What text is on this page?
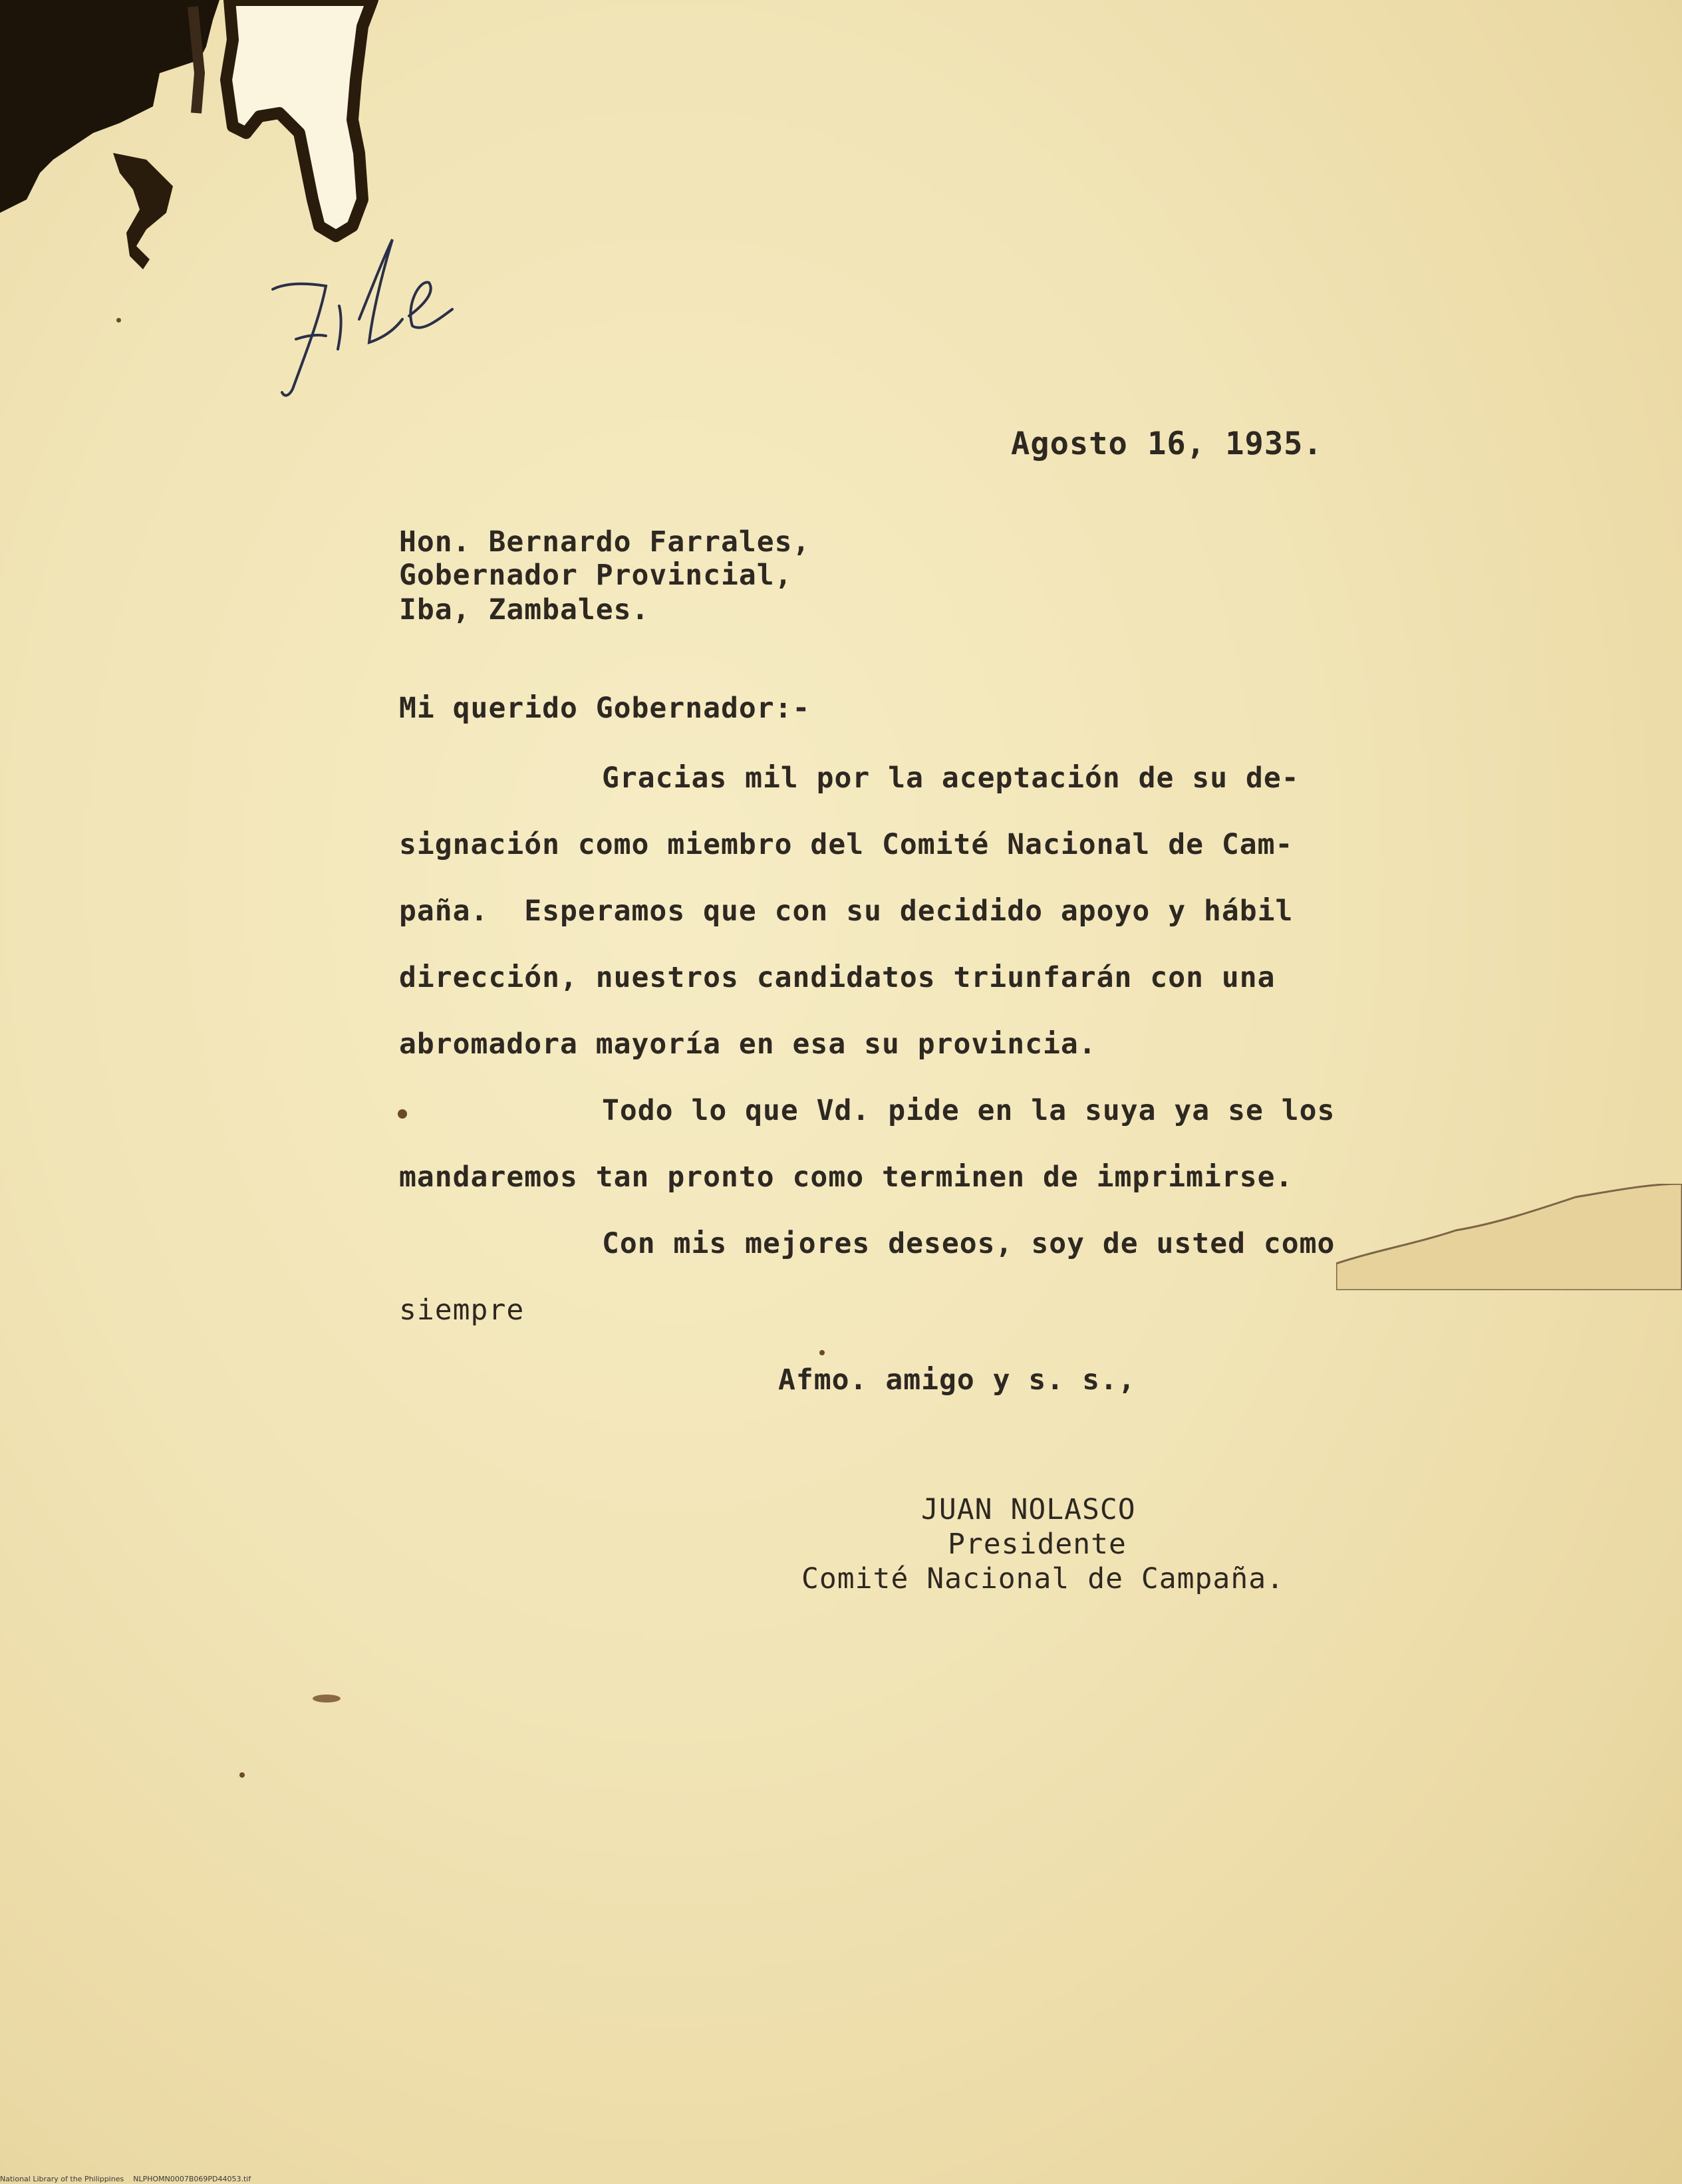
Agosto 16, 1935.

Hon. Bernardo Farrales,

Gobernador Provincial,

Iba, Zambales.

Mi querido Gobernador:-

Gracias mil por la aceptación de su de-

signación como miembro del Comité Nacional de Cam-

paña.  Esperamos que con su decidido apoyo y hábil

dirección, nuestros candidatos triunfarán con una

abromadora mayoría en esa su provincia.

Todo lo que Vd. pide en la suya ya se los

mandaremos tan pronto como terminen de imprimirse.

Con mis mejores deseos, soy de usted como

siempre

Afmo. amigo y s. s.,

JUAN NOLASCO

Presidente

Comité Nacional de Campaña.

National Library of the Philippines NLPHOMN0007B069PD44053.tif
